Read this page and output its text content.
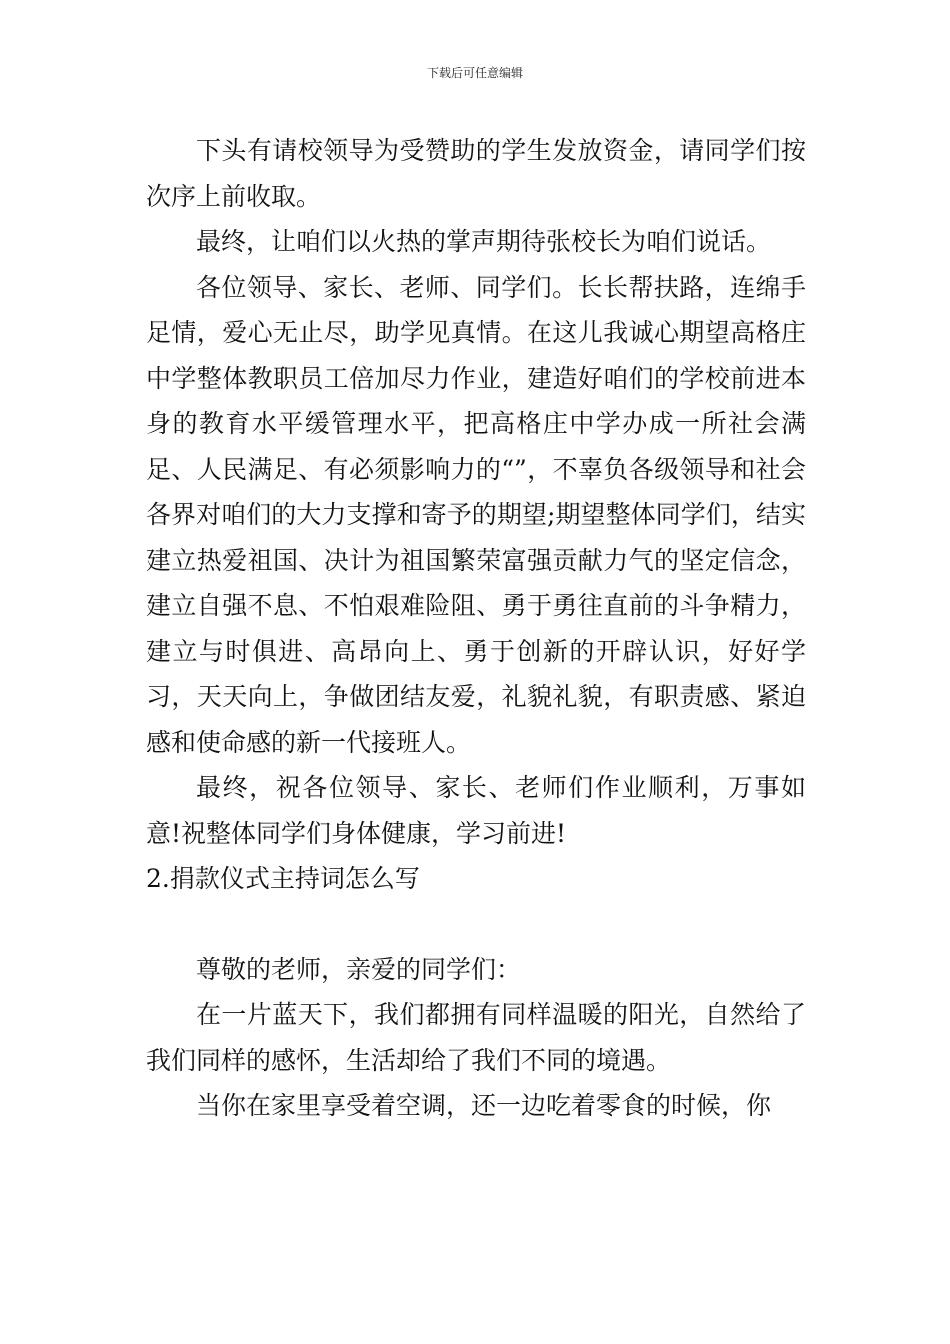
下载后可任意编辑

下头有请校领导为受赞助的学生发放资金，请同学们按次序上前收取。

最终，让咱们以火热的掌声期待张校长为咱们说话。

各位领导、家长、老师、同学们。长长帮扶路，连绵手足情，爱心无止尽，助学见真情。在这儿我诚心期望高格庄中学整体教职员工倍加尽力作业，建造好咱们的学校前进本身的教育水平缓管理水平，把高格庄中学办成一所社会满足、人民满足、有必须影响力的“”，不辜负各级领导和社会各界对咱们的大力支撑和寄予的期望;期望整体同学们，结实建立热爱祖国、决计为祖国繁荣富强贡献力气的坚定信念，建立自强不息、不怕艰难险阻、勇于勇往直前的斗争精力，建立与时俱进、高昂向上、勇于创新的开辟认识，好好学习，天天向上，争做团结友爱，礼貌礼貌，有职责感、紧迫感和使命感的新一代接班人。

最终，祝各位领导、家长、老师们作业顺利，万事如意!祝整体同学们身体健康，学习前进!

2.捐款仪式主持词怎么写

尊敬的老师，亲爱的同学们：

在一片蓝天下，我们都拥有同样温暖的阳光，自然给了我们同样的感怀，生活却给了我们不同的境遇。

当你在家里享受着空调，还一边吃着零食的时候，你
